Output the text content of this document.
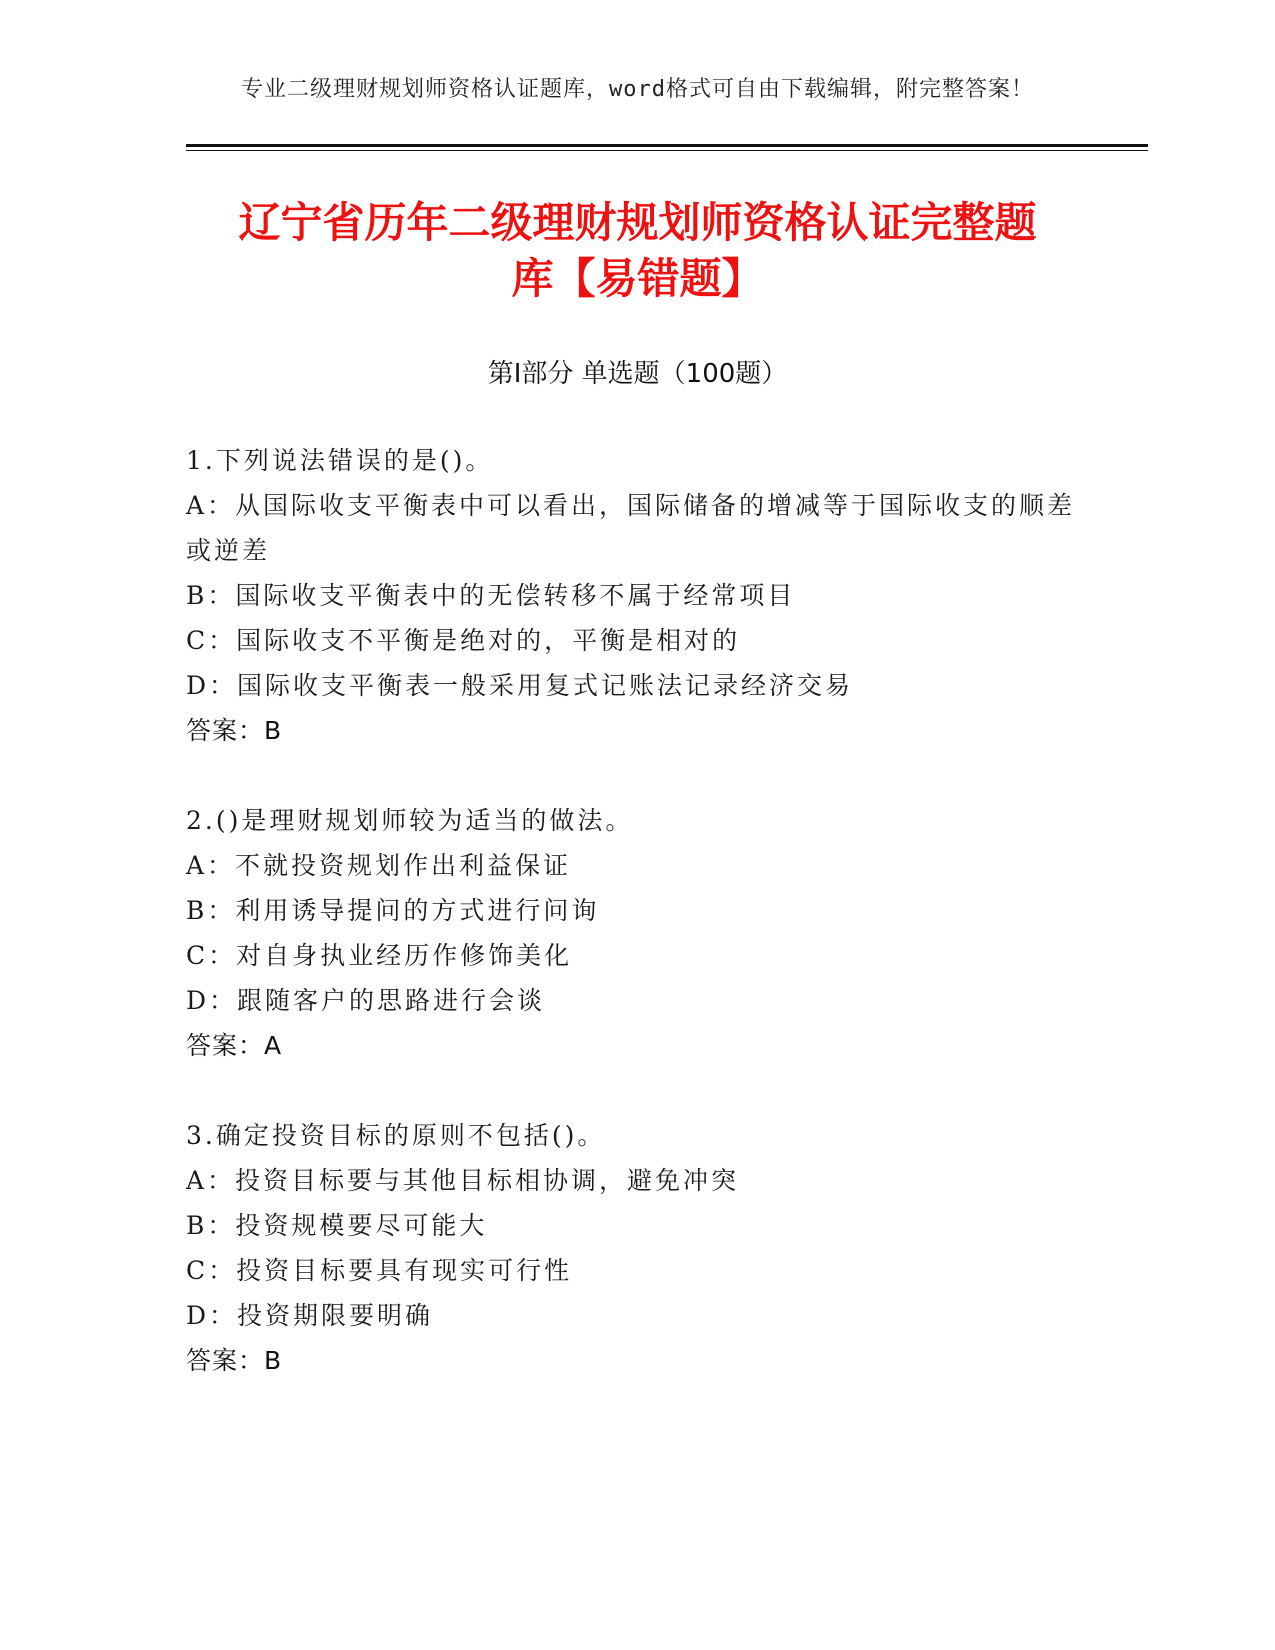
专业二级理财规划师资格认证题库，word格式可自由下载编辑，附完整答案！
辽宁省历年二级理财规划师资格认证完整题
库【易错题】
第Ⅰ部分 单选题（100题）
1.下列说法错误的是()。
A：从国际收支平衡表中可以看出，国际储备的增减等于国际收支的顺差或逆差
B：国际收支平衡表中的无偿转移不属于经常项目
C：国际收支不平衡是绝对的，平衡是相对的
D：国际收支平衡表一般采用复式记账法记录经济交易
答案：B
2.()是理财规划师较为适当的做法。
A：不就投资规划作出利益保证
B：利用诱导提问的方式进行问询
C：对自身执业经历作修饰美化
D：跟随客户的思路进行会谈
答案：A
3.确定投资目标的原则不包括()。
A：投资目标要与其他目标相协调，避免冲突
B：投资规模要尽可能大
C：投资目标要具有现实可行性
D：投资期限要明确
答案：B
